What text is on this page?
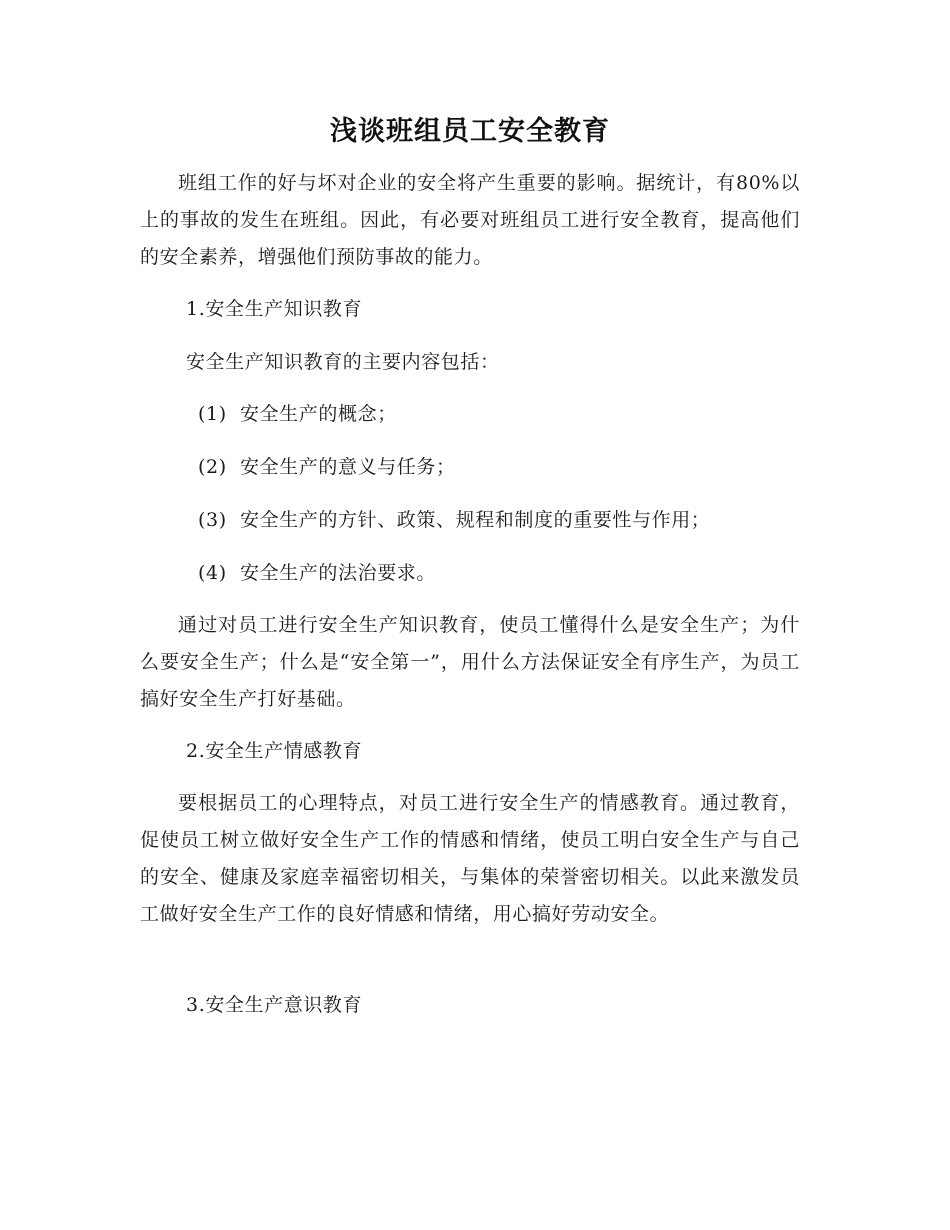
浅谈班组员工安全教育

班组工作的好与坏对企业的安全将产生重要的影响。据统计，有80%以上的事故的发生在班组。因此，有必要对班组员工进行安全教育，提高他们的安全素养，增强他们预防事故的能力。

1.安全生产知识教育

安全生产知识教育的主要内容包括：

(1) 安全生产的概念；

(2) 安全生产的意义与任务；

(3) 安全生产的方针、政策、规程和制度的重要性与作用；

(4) 安全生产的法治要求。

通过对员工进行安全生产知识教育，使员工懂得什么是安全生产；为什么要安全生产；什么是“安全第一”，用什么方法保证安全有序生产，为员工搞好安全生产打好基础。

2.安全生产情感教育

要根据员工的心理特点，对员工进行安全生产的情感教育。通过教育，促使员工树立做好安全生产工作的情感和情绪，使员工明白安全生产与自己的安全、健康及家庭幸福密切相关，与集体的荣誉密切相关。以此来激发员工做好安全生产工作的良好情感和情绪，用心搞好劳动安全。

3.安全生产意识教育
